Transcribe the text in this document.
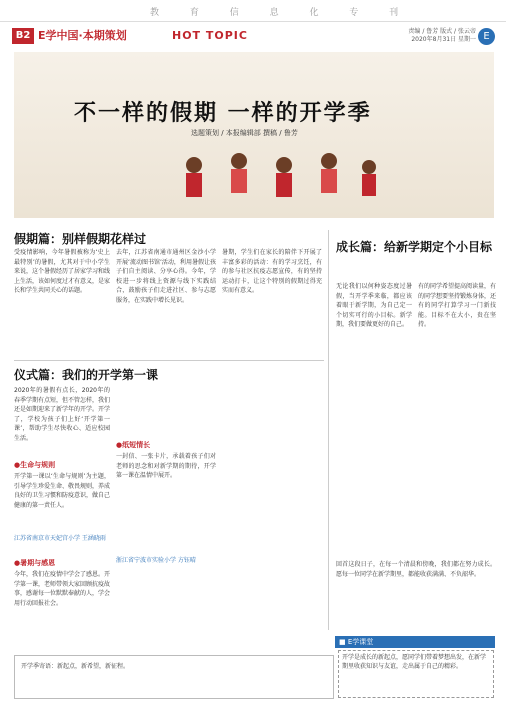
教 育 信 息 化 专 刊
B2 E学中国·本期策划	HOT TOPIC	责编 / 鲁芳 版式 / 张云帝
2020年8月31日 星期一 E
不一样的假期 一样的开学季
选题策划 / 本报编辑部 撰稿 / 鲁芳
假期篇：别样假期花样过
受疫情影响，今年暑假被称为‘史上最特别’的暑假，尤其对于中小学生来说，这个暑假经历了居家学习和线上生活，该如何度过才有意义，是家长和学生共同关心的话题。
去年，江苏省南通市通州区金沙小学开展‘流动图书馆’活动，利用暑假让孩子们自主阅读、分享心得。今年，学校进一步将线上资源与线下实践结合，鼓励孩子们走进社区、参与志愿服务，在实践中增长见识。
暑期，学生们在家长的陪伴下开展了丰富多彩的活动：有的学习烹饪，有的参与社区抗疫志愿宣传，有的坚持运动打卡，让这个特别的假期过得充实而有意义。
仪式篇：我们的开学第一课
2020年的暑假有点长，2020年的春季学期有点短，但不管怎样，我们还是如期迎来了新学年的开学。开学了，学校为孩子们上好‘开学第一课’，帮助学生尽快收心、适应校园生活。
●生命与规则
开学第一课以‘生命与规则’为主题，引导学生珍爱生命、敬畏规则，养成良好的卫生习惯和防疫意识，做自己健康的第一责任人。
江苏省南京市天妃宫小学 王涵晓雨
●暑期与感恩
今年，我们在疫情中学会了感恩。开学第一课，老师带领大家回顾抗疫故事，感谢每一位默默奉献的人，学会用行动回报社会。
●纸短情长
一封信、一张卡片，承载着孩子们对老师的思念和对新学期的期待，开学第一课在温情中展开。
浙江省宁波市实验小学 方钰晴
成长篇：给新学期定个小目标
无论我们以何种姿态度过暑假，当开学季来临，都应该着眼于新学期，为自己定一个切实可行的小目标。新学期，我们要做更好的自己。
有的同学希望提高阅读量，有的同学想要坚持锻炼身体，还有的同学打算学习一门新技能。目标不在大小，贵在坚持。
回首这段日子，在每一个清晨和傍晚，我们都在努力成长。愿每一位同学在新学期里，都能收获满满、不负韶华。
■ E学课堂
开学是成长的新起点，愿同学们带着梦想出发，在新学期里收获知识与友谊，走出属于自己的精彩。
开学季寄语：新起点，新希望，新征程。
